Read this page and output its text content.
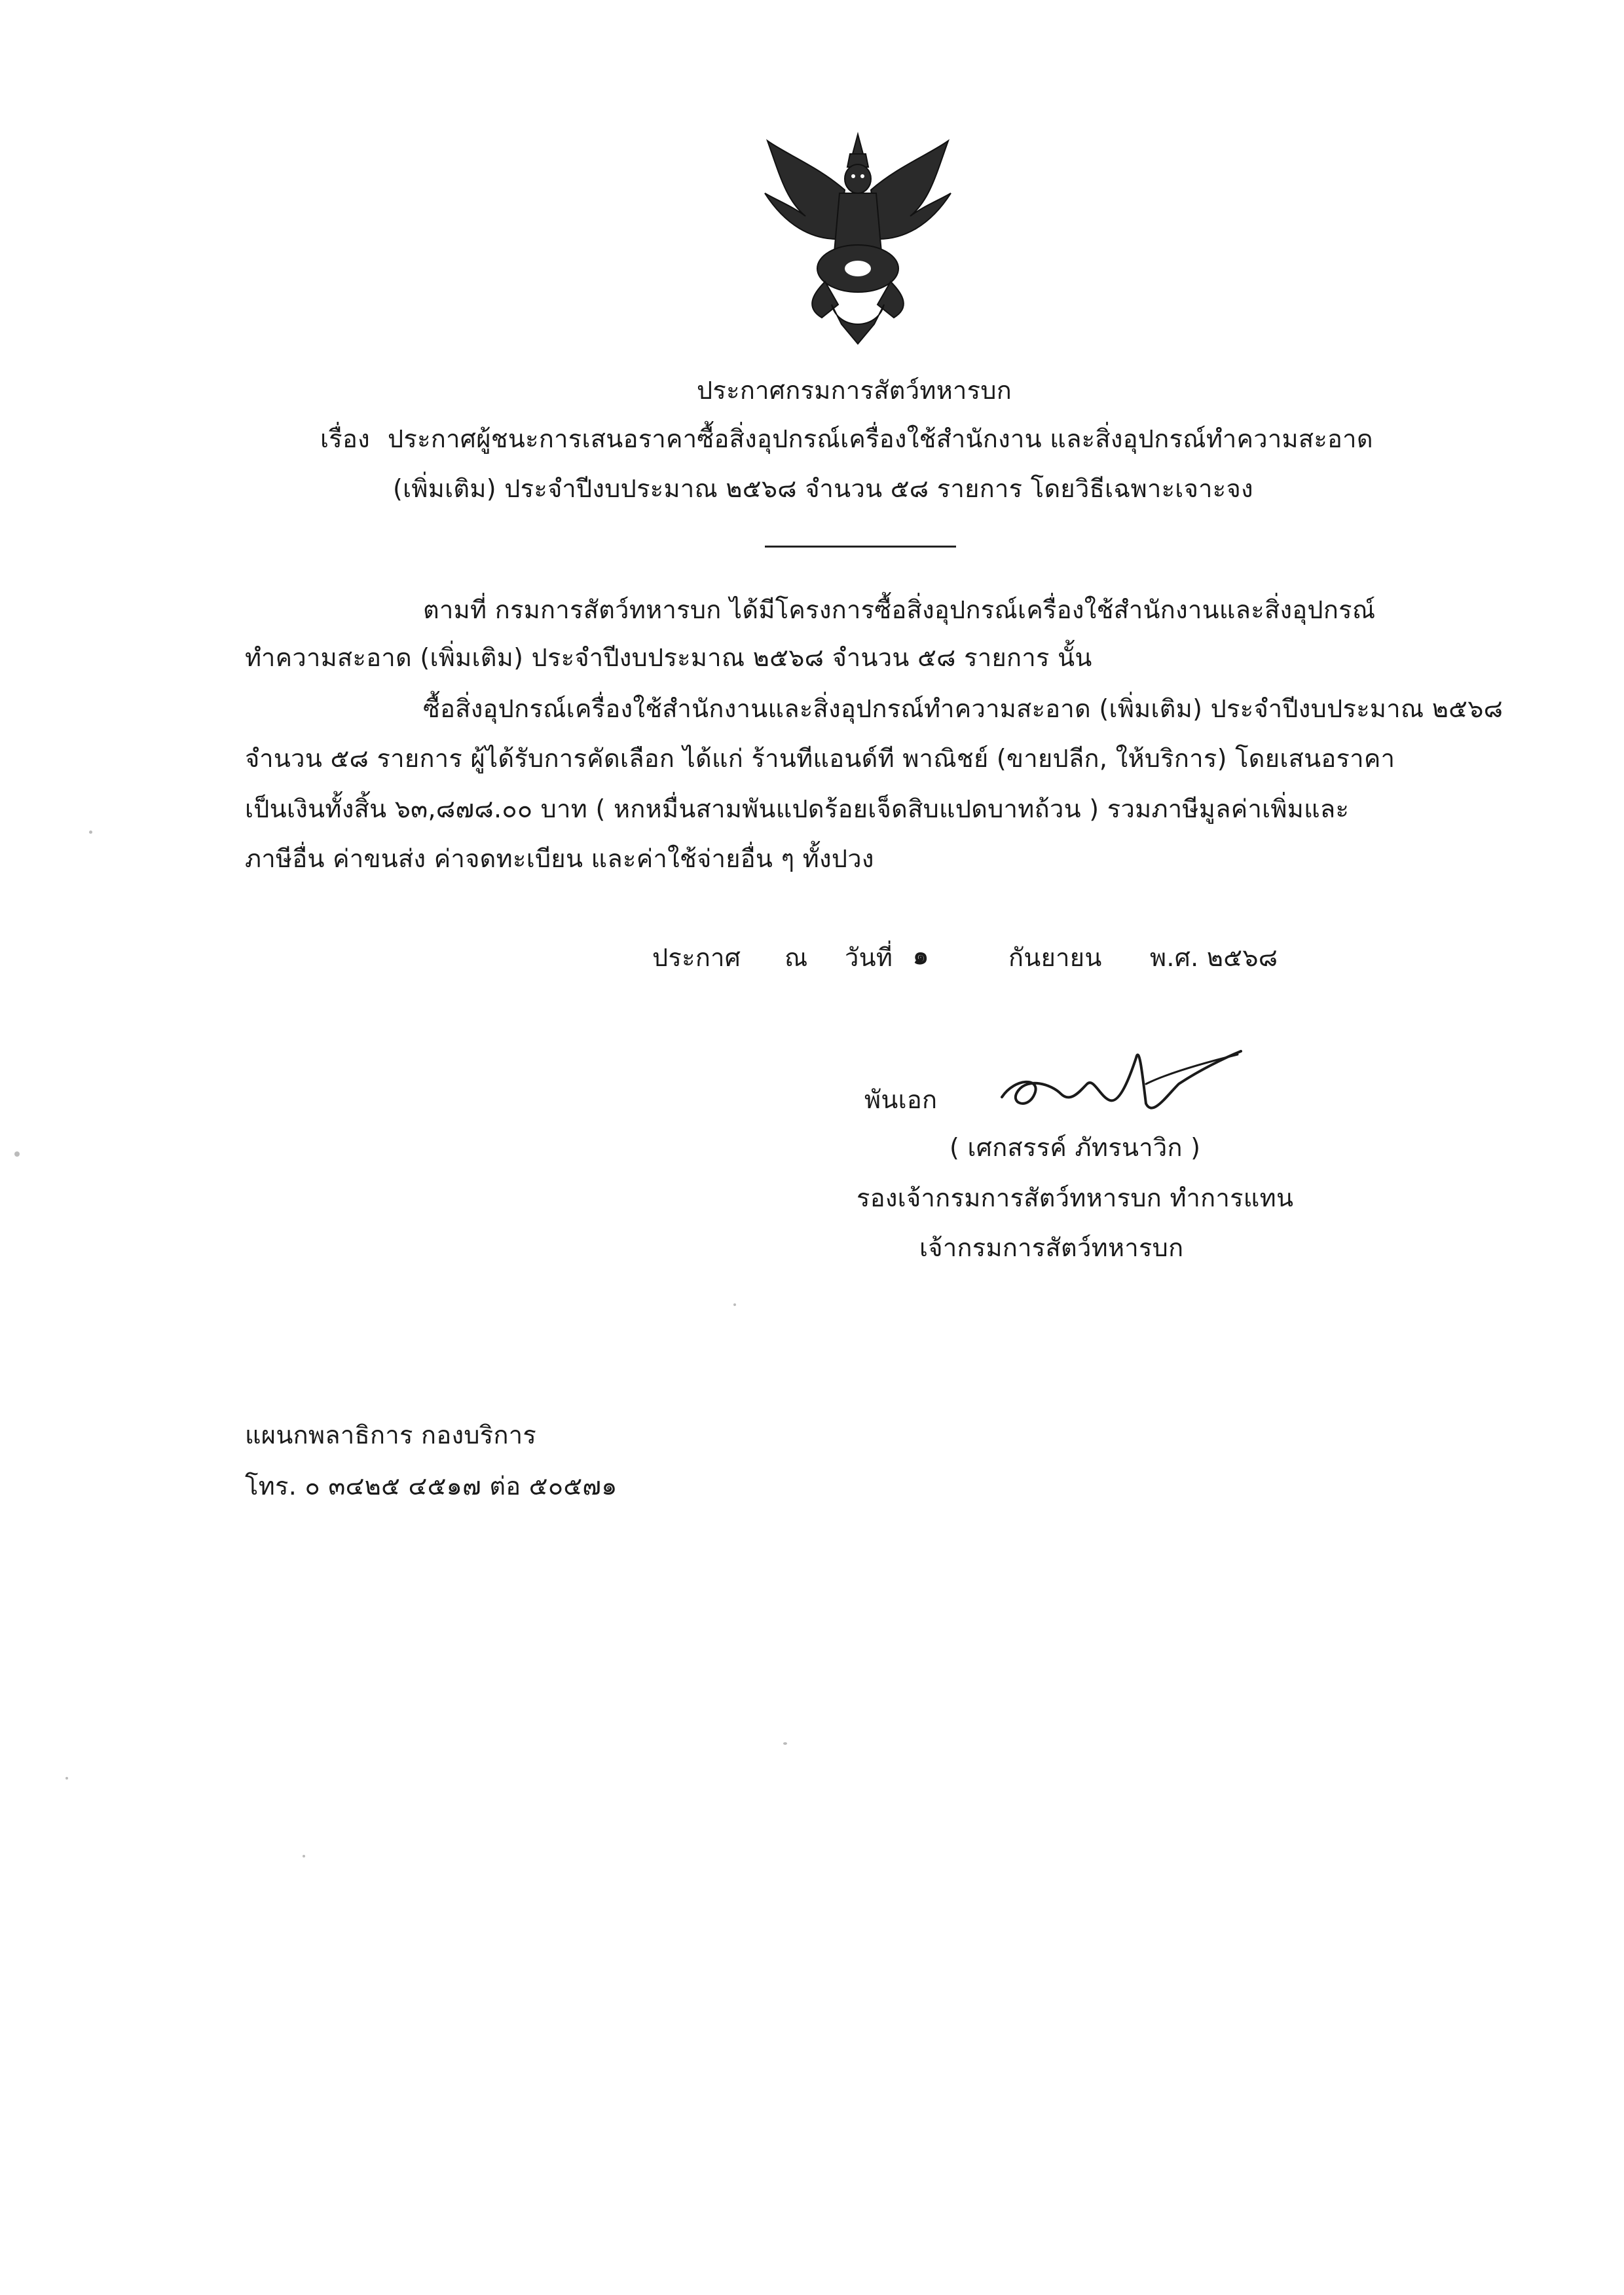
ประกาศกรมการสัตว์ทหารบก
เรื่อง ประกาศผู้ชนะการเสนอราคาซื้อสิ่งอุปกรณ์เครื่องใช้สำนักงาน และสิ่งอุปกรณ์ทำความสะอาด
(เพิ่มเติม) ประจำปีงบประมาณ ๒๕๖๘ จำนวน ๕๘ รายการ โดยวิธีเฉพาะเจาะจง
ตามที่ กรมการสัตว์ทหารบก ได้มีโครงการซื้อสิ่งอุปกรณ์เครื่องใช้สำนักงานและสิ่งอุปกรณ์
ทำความสะอาด (เพิ่มเติม) ประจำปีงบประมาณ ๒๕๖๘ จำนวน ๕๘ รายการ นั้น
ซื้อสิ่งอุปกรณ์เครื่องใช้สำนักงานและสิ่งอุปกรณ์ทำความสะอาด (เพิ่มเติม) ประจำปีงบประมาณ ๒๕๖๘
จำนวน ๕๘ รายการ ผู้ได้รับการคัดเลือก ได้แก่ ร้านทีแอนด์ที พาณิชย์ (ขายปลีก, ให้บริการ) โดยเสนอราคา
เป็นเงินทั้งสิ้น ๖๓,๘๗๘.๐๐ บาท ( หกหมื่นสามพันแปดร้อยเจ็ดสิบแปดบาทถ้วน ) รวมภาษีมูลค่าเพิ่มและ
ภาษีอื่น ค่าขนส่ง ค่าจดทะเบียน และค่าใช้จ่ายอื่น ๆ ทั้งปวง
ประกาศ ณ วันที่ ๑	กันยายน พ.ศ. ๒๕๖๘
พันเอก
( เศกสรรค์ ภัทรนาวิก )
รองเจ้ากรมการสัตว์ทหารบก ทำการแทน
เจ้ากรมการสัตว์ทหารบก
แผนกพลาธิการ กองบริการ
โทร. ๐ ๓๔๒๕ ๔๕๑๗ ต่อ ๕๐๕๗๑
